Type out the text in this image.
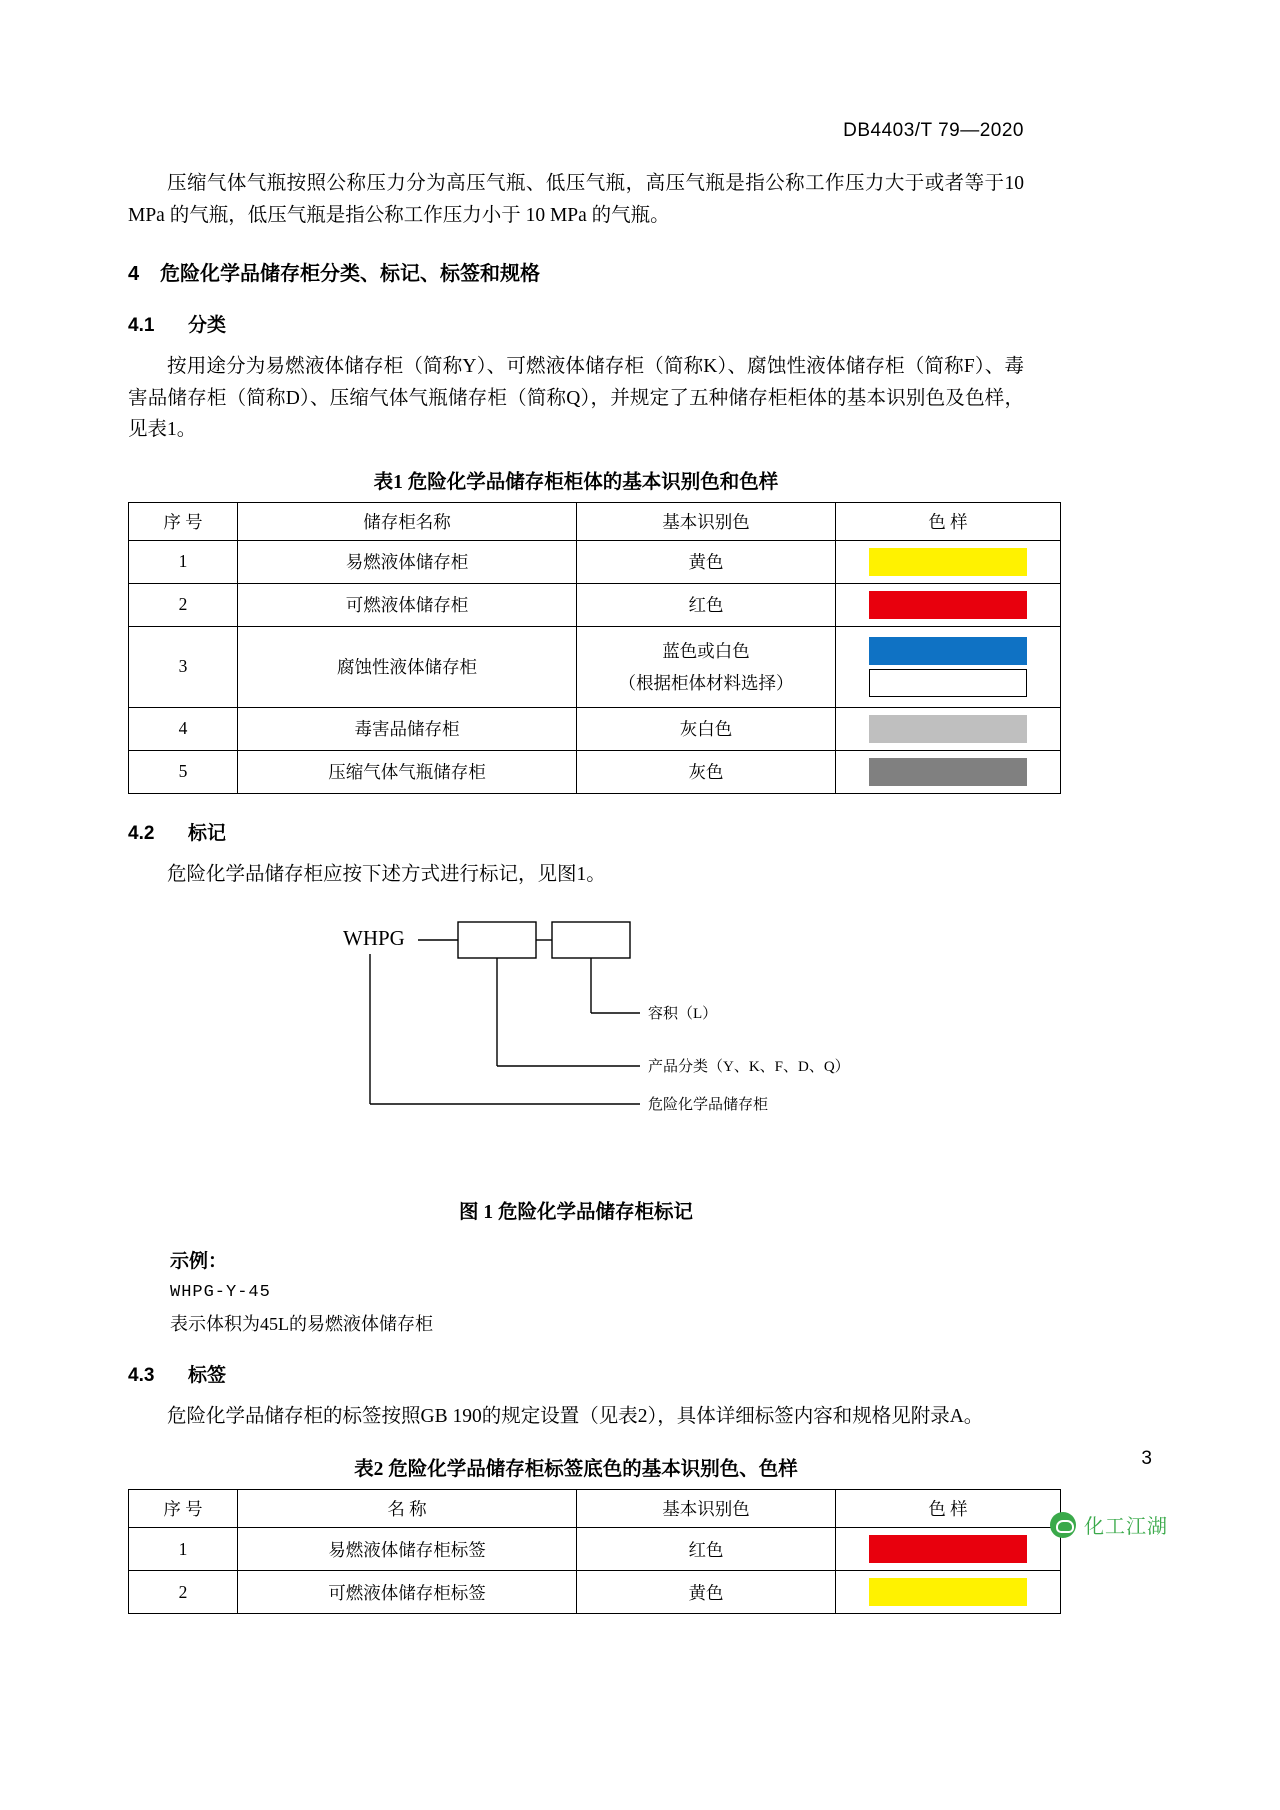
DB4403/T 79—2020

压缩气体气瓶按照公称压力分为高压气瓶、低压气瓶，高压气瓶是指公称工作压力大于或者等于10 MPa 的气瓶，低压气瓶是指公称工作压力小于 10 MPa 的气瓶。

4 危险化学品储存柜分类、标记、标签和规格
4.1 分类

按用途分为易燃液体储存柜（简称Y）、可燃液体储存柜（简称K）、腐蚀性液体储存柜（简称F）、毒害品储存柜（简称D）、压缩气体气瓶储存柜（简称Q），并规定了五种储存柜柜体的基本识别色及色样，见表1。

表1 危险化学品储存柜柜体的基本识别色和色样
序 号	储存柜名称	基本识别色	色 样
1	易燃液体储存柜	黄色	

2	可燃液体储存柜	红色	

3	腐蚀性液体储存柜	蓝色或白色
（根据柜体材料选择）	

4	毒害品储存柜	灰白色	

5	压缩气体气瓶储存柜	灰色	
4.2 标记

危险化学品储存柜应按下述方式进行标记，见图1。

WHPG
容积（L）
产品分类（Y、K、F、D、Q）
危险化学品储存柜
图 1 危险化学品储存柜标记
示例：
WHPG-Y-45
表示体积为45L的易燃液体储存柜
4.3 标签

危险化学品储存柜的标签按照GB 190的规定设置（见表2），具体详细标签内容和规格见附录A。

表2 危险化学品储存柜标签底色的基本识别色、色样
序 号	名 称	基本识别色	色 样
1	易燃液体储存柜标签	红色	

2	可燃液体储存柜标签	黄色	
3
化工江湖
